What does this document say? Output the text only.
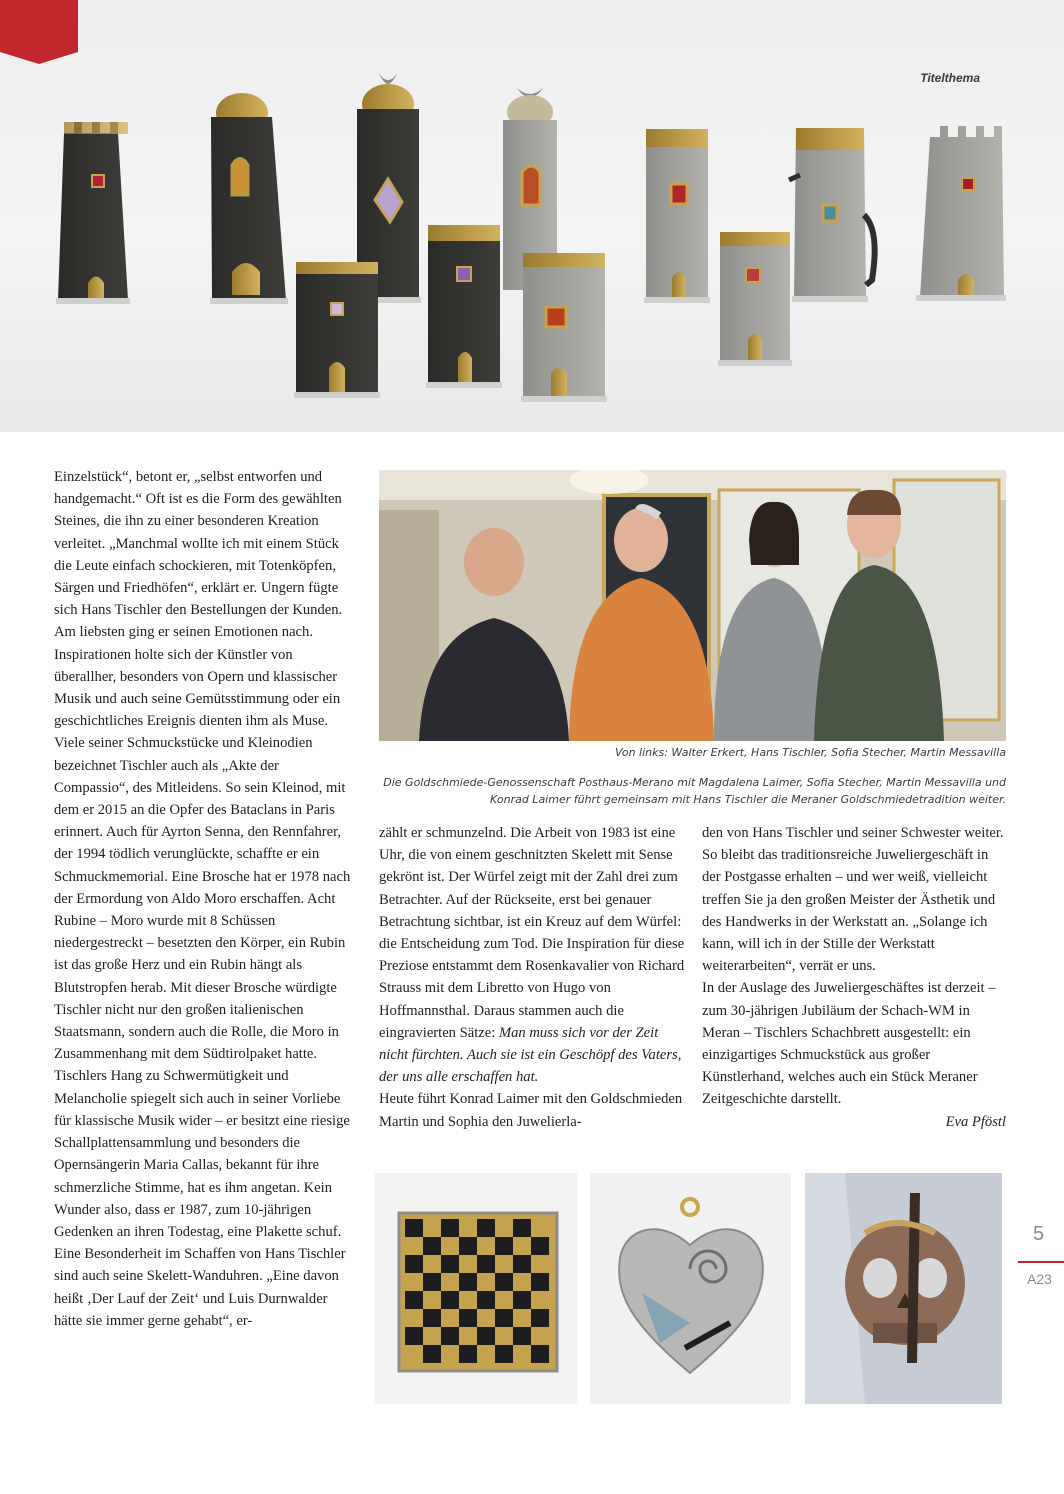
Titelthema

Einzelstück“, betont er, „selbst entworfen und handgemacht.“ Oft ist es die Form des gewählten Steines, die ihn zu einer besonderen Kreation verleitet. „Manchmal wollte ich mit einem Stück die Leute einfach schockieren, mit Totenköpfen, Särgen und Friedhöfen“, erklärt er. Ungern fügte sich Hans Tischler den Bestellungen der Kunden. Am liebsten ging er seinen Emotionen nach. Inspirationen holte sich der Künstler von überallher, besonders von Opern und klassischer Musik und auch seine Gemütsstimmung oder ein geschichtliches Ereignis dienten ihm als Muse. Viele seiner Schmuckstücke und Kleinodien bezeichnet Tischler auch als „Akte der Compassio“, des Mitleidens. So sein Kleinod, mit dem er 2015 an die Opfer des Bataclans in Paris erinnert. Auch für Ayrton Senna, den Rennfahrer, der 1994 tödlich verunglückte, schaffte er ein Schmuckmemorial. Eine Brosche hat er 1978 nach der Ermordung von Aldo Moro erschaffen. Acht Rubine – Moro wurde mit 8 Schüssen niedergestreckt – besetzten den Körper, ein Rubin ist das große Herz und ein Rubin hängt als Blutstropfen herab. Mit dieser Brosche würdigte Tischler nicht nur den großen italienischen Staatsmann, sondern auch die Rolle, die Moro in Zusammenhang mit dem Südtirolpaket hatte.

Tischlers Hang zu Schwermütigkeit und Melancholie spiegelt sich auch in seiner Vorliebe für klassische Musik wider – er besitzt eine riesige Schallplattensammlung und besonders die Opernsängerin Maria Callas, bekannt für ihre schmerzliche Stimme, hat es ihm angetan. Kein Wunder also, dass er 1987, zum 10-jährigen Gedenken an ihren Todestag, eine Plakette schuf.

Eine Besonderheit im Schaffen von Hans Tischler sind auch seine Skelett-Wanduhren. „Eine davon heißt ‚Der Lauf der Zeit‘ und Luis Durnwalder hätte sie immer gerne gehabt“, er-

Von links: Walter Erkert, Hans Tischler, Sofia Stecher, Martin Messavilla
Die Goldschmiede-Genossenschaft Posthaus-Merano mit Magdalena Laimer, Sofia Stecher, Martin Messavilla und Konrad Laimer führt gemeinsam mit Hans Tischler die Meraner Goldschmiedetradition weiter.

zählt er schmunzelnd. Die Arbeit von 1983 ist eine Uhr, die von einem geschnitzten Skelett mit Sense gekrönt ist. Der Würfel zeigt mit der Zahl drei zum Betrachter. Auf der Rückseite, erst bei genauer Betrachtung sichtbar, ist ein Kreuz auf dem Würfel: die Entscheidung zum Tod. Die Inspiration für diese Preziose entstammt dem Rosenkavalier von Richard Strauss mit dem Libretto von Hugo von Hoffmannsthal. Daraus stammen auch die eingravierten Sätze: Man muss sich vor der Zeit nicht fürchten. Auch sie ist ein Geschöpf des Vaters, der uns alle erschaffen hat.

Heute führt Konrad Laimer mit den Goldschmieden Martin und Sophia den Juwelierla-

den von Hans Tischler und seiner Schwester weiter. So bleibt das traditionsreiche Juweliergeschäft in der Postgasse erhalten – und wer weiß, vielleicht treffen Sie ja den großen Meister der Ästhetik und des Handwerks in der Werkstatt an. „Solange ich kann, will ich in der Stille der Werkstatt weiterarbeiten“, verrät er uns.

In der Auslage des Juweliergeschäftes ist derzeit – zum 30-jährigen Jubiläum der Schach-WM in Meran – Tischlers Schachbrett ausgestellt: ein einzigartiges Schmuckstück aus großer Künstlerhand, welches auch ein Stück Meraner Zeitgeschichte darstellt.

Eva Pföstl

5
A23
